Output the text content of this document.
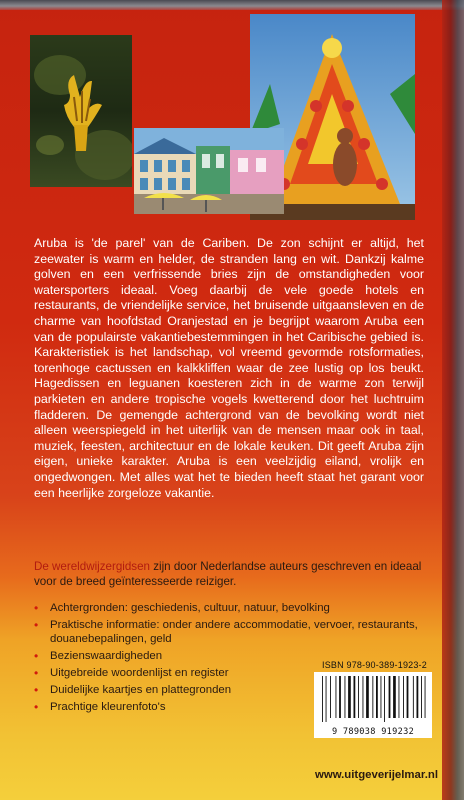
Aruba is 'de parel' van de Cariben. De zon schijnt er altijd, het zeewater is warm en helder, de stranden lang en wit. Dankzij kalme golven en een verfrissende bries zijn de omstandigheden voor watersporters ideaal. Voeg daarbij de vele goede hotels en restaurants, de vriendelijke service, het bruisende uitgaansleven en de charme van hoofdstad Oranjestad en je begrijpt waarom Aruba een van de populairste vakantiebestemmingen in het Caribische gebied is. Karakteristiek is het landschap, vol vreemd gevormde rotsformaties, torenhoge cactussen en kalkkliffen waar de zee lustig op los beukt. Hagedissen en leguanen koesteren zich in de warme zon terwijl parkieten en andere tropische vogels kwetterend door het luchtruim fladderen. De gemengde achtergrond van de bevolking wordt niet alleen weerspiegeld in het uiterlijk van de mensen maar ook in taal, muziek, feesten, architectuur en de lokale keuken. Dit geeft Aruba zijn eigen, unieke karakter. Aruba is een veelzijdig eiland, vrolijk en ongedwongen. Met alles wat het te bieden heeft staat het garant voor een heerlijke zorgeloze vakantie.

De wereldwijzergidsen zijn door Nederlandse auteurs geschreven en ideaal voor de breed geïnteresseerde reiziger.

• Achtergronden: geschiedenis, cultuur, natuur, bevolking
• Praktische informatie: onder andere accommodatie, vervoer, restaurants, douanebepalingen, geld
• Bezienswaardigheden
• Uitgebreide woordenlijst en register
• Duidelijke kaartjes en plattegronden
• Prachtige kleurenfoto's
ISBN 978-90-389-1923-2
9 789038 919232
www.uitgeverijelmar.nl
